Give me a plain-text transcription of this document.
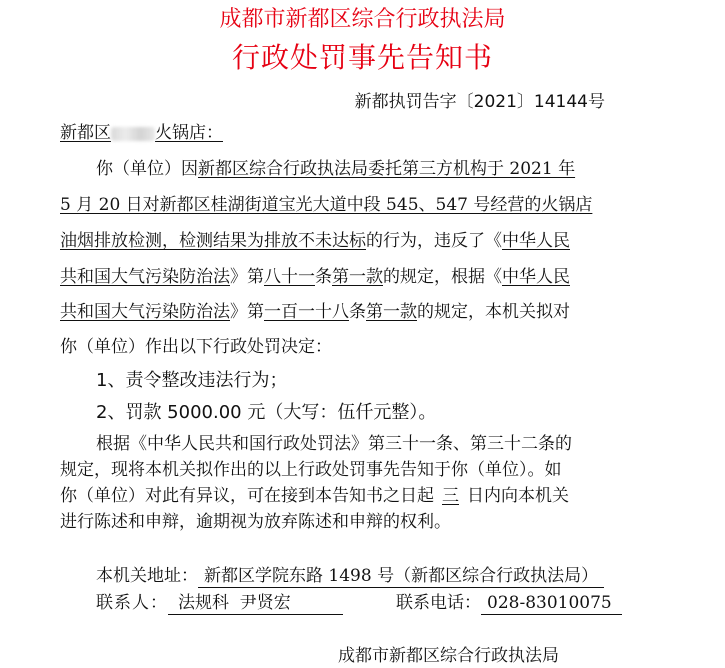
成都市新都区综合行政执法局
行政处罚事先告知书
新都执罚告字〔2021〕14144号
新都区	火锅店：
你（单位）因新都区综合行政执法局委托第三方机构于 2021 年
5 月 20 日对新都区桂湖街道宝光大道中段 545、547 号经营的火锅店
油烟排放检测，检测结果为排放不未达标的行为，违反了《中华人民
共和国大气污染防治法》第八十一条第一款的规定，根据《中华人民
共和国大气污染防治法》第一百一十八条第一款的规定，本机关拟对
你（单位）作出以下行政处罚决定：
1、责令整改违法行为；
2、罚款 5000.00 元（大写：伍仟元整）。
根据《中华人民共和国行政处罚法》第三十一条、第三十二条的
规定，现将本机关拟作出的以上行政处罚事先告知于你（单位）。如
你（单位）对此有异议，可在接到本告知书之日起 三 日内向本机关
进行陈述和申辩，逾期视为放弃陈述和申辩的权利。
本机关地址： 新都区学院东路 1498 号（新都区综合行政执法局）
联系人： 法规科  尹贤宏	联系电话： 028-83010075
成都市新都区综合行政执法局
